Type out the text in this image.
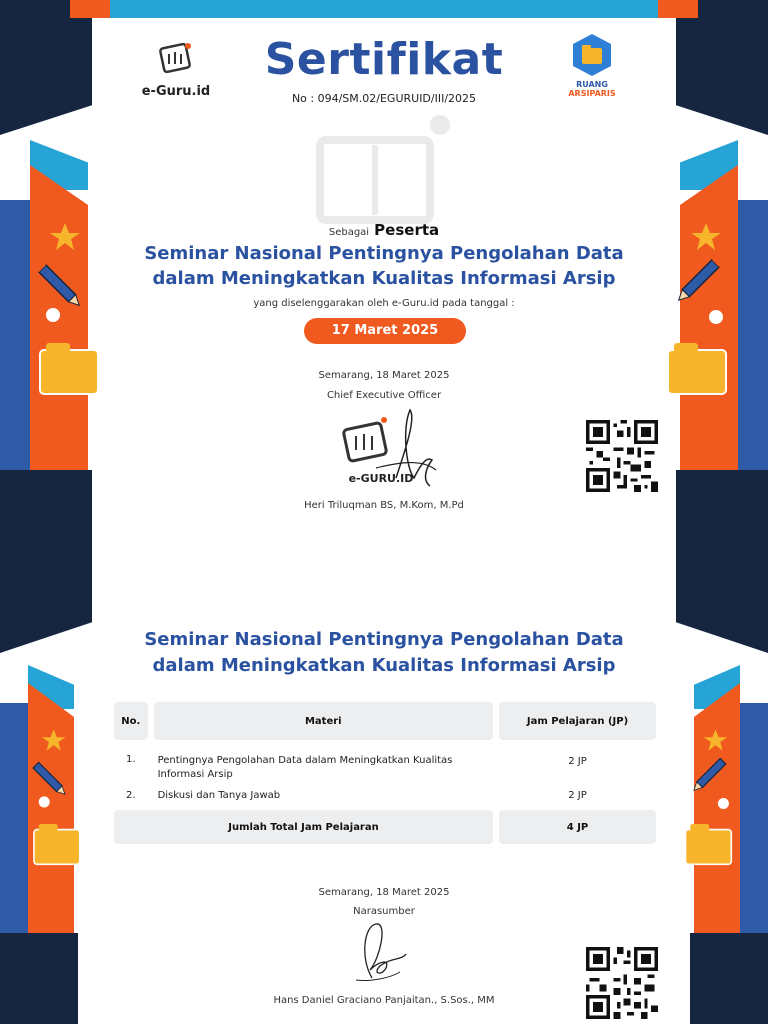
e-Guru.id	RUANG
ARSIPARIS
Sertifikat
No : 094/SM.02/EGURUID/III/2025
Sebagai Peserta
Seminar Nasional Pentingnya Pengolahan Data
dalam Meningkatkan Kualitas Informasi Arsip
yang diselenggarakan oleh e-Guru.id pada tanggal :
17 Maret 2025
Semarang, 18 Maret 2025
Chief Executive Officer
e-GURU.ID
Heri Triluqman BS, M.Kom, M.Pd
Seminar Nasional Pentingnya Pengolahan Data
dalam Meningkatkan Kualitas Informasi Arsip
No.	Materi	Jam Pelajaran (JP)
1.	Pentingnya Pengolahan Data dalam Meningkatkan Kualitas Informasi Arsip	2 JP
2.	Diskusi dan Tanya Jawab	2 JP
Jumlah Total Jam Pelajaran		4 JP
Semarang, 18 Maret 2025
Narasumber
Hans Daniel Graciano Panjaitan., S.Sos., MM
